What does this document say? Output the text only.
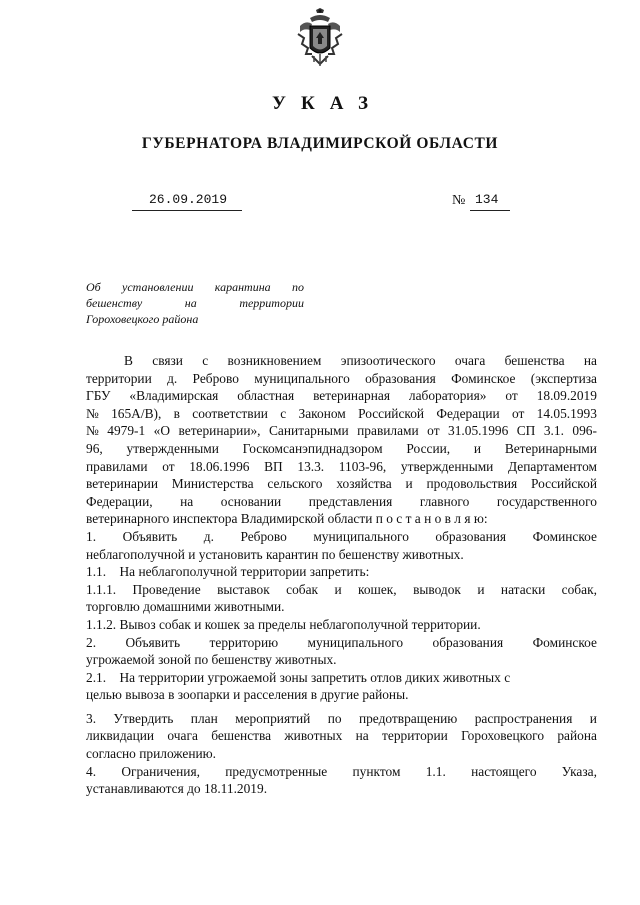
УКАЗ
ГУБЕРНАТОРА ВЛАДИМИРСКОЙ ОБЛАСТИ
26.09.2019	№ 134
Об установлении карантина по
бешенству	на	территории
Гороховецкого района
В связи с возникновением эпизоотического очага бешенства на
территории д. Реброво муниципального образования Фоминское (экспертиза
ГБУ «Владимирская областная ветеринарная лаборатория» от 18.09.2019
№ 165А/В), в соответствии с Законом Российской Федерации от 14.05.1993
№ 4979-1 «О ветеринарии», Санитарными правилами от 31.05.1996 СП 3.1. 096-
96, утвержденными Госкомсанэпиднадзором России, и Ветеринарными
правилами от 18.06.1996 ВП 13.3. 1103-96, утвержденными Департаментом
ветеринарии Министерства сельского хозяйства и продовольствия Российской
Федерации, на основании представления главного государственного
ветеринарного инспектора Владимирской области п о с т а н о в л я ю:
1. Объявить д. Реброво муниципального образования Фоминское
неблагополучной и установить карантин по бешенству животных.
1.1.    На неблагополучной территории запретить:
1.1.1. Проведение выставок собак и кошек, выводок и натаски собак,
торговлю домашними животными.
1.1.2. Вывоз собак и кошек за пределы неблагополучной территории.
2. Объявить территорию муниципального образования Фоминское
угрожаемой зоной по бешенству животных.
2.1.    На территории угрожаемой зоны запретить отлов диких животных с
целью вывоза в зоопарки и расселения в другие районы.
3. Утвердить план мероприятий по предотвращению распространения и
ликвидации очага бешенства животных на территории Гороховецкого района
согласно приложению.
4. Ограничения, предусмотренные пунктом 1.1. настоящего Указа,
устанавливаются до 18.11.2019.
